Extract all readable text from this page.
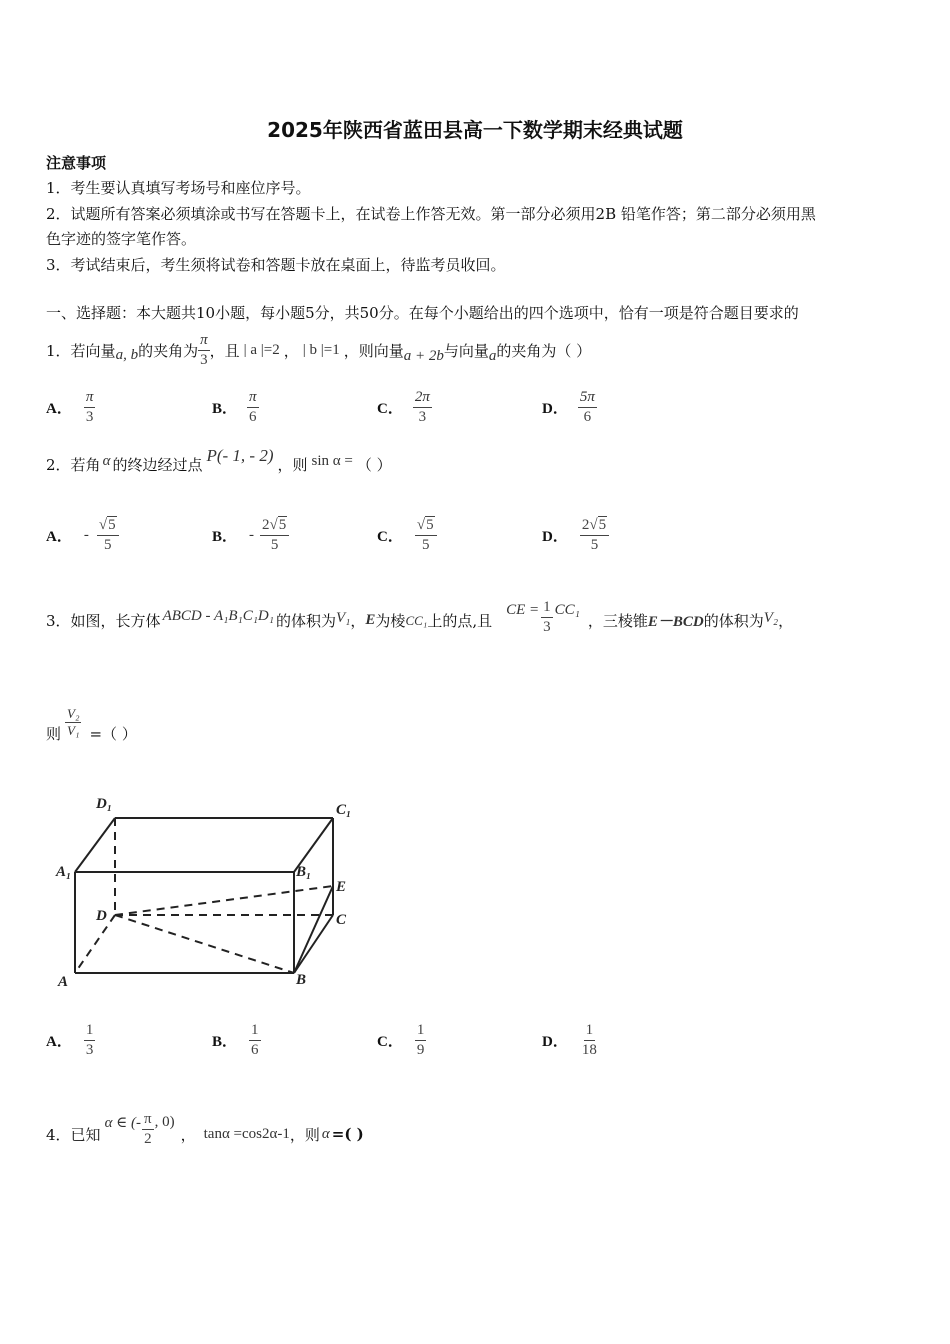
2025年陕西省蓝田县高一下数学期末经典试题
注意事项
1．考生要认真填写考场号和座位序号。
2．试题所有答案必须填涂或书写在答题卡上，在试卷上作答无效。第一部分必须用2B 铅笔作答；第二部分必须用黑
色字迹的签字笔作答。
3．考试结束后，考生须将试卷和答题卡放在桌面上，待监考员收回。
一、选择题：本大题共10小题，每小题5分，共50分。在每个小题给出的四个选项中，恰有一项是符合题目要求的
1． 若向量 a, b 的夹角为 $\frac{\pi}{3}$ ，且 | a |=2 ， | b |=1 ，则向量 a + 2b 与向量 a 的夹角为（ ）
A． $\frac{\pi}{3}$	B． $\frac{\pi}{6}$	C． $\frac{2\pi}{3}$	D． $\frac{5\pi}{6}$
2． 若角 α 的终边经过点 P(- 1, - 2) ，则 sin α = （ ）
A． - $\frac{√5}{5}$	B． - $\frac{2√5}{5}$	C． $\frac{√5}{5}$	D． $\frac{2√5}{5}$
3． 如图，长方体 ABCD - A₁B₁C₁D₁ 的体积为 V₁ ， E 为棱 CC₁ 上的点,且
CE = $\frac{1}{3} CC_1$
，三棱锥 E－BCD 的体积为 V₂ ，
则 $\frac{\text{V₂}}{\text{V₁}}$ =（ ）
D₁	C₁
A₁	B₁
E
D	C
A	B
A． $\frac{1}{3}$	B． $\frac{1}{6}$	C． $\frac{1}{9}$	D． $\frac{1}{18}$
4． 已知
α ∈ (- $\frac{\pi}{2}$ , 0)
， tanα =cos2α-1 ，则 α =( )
